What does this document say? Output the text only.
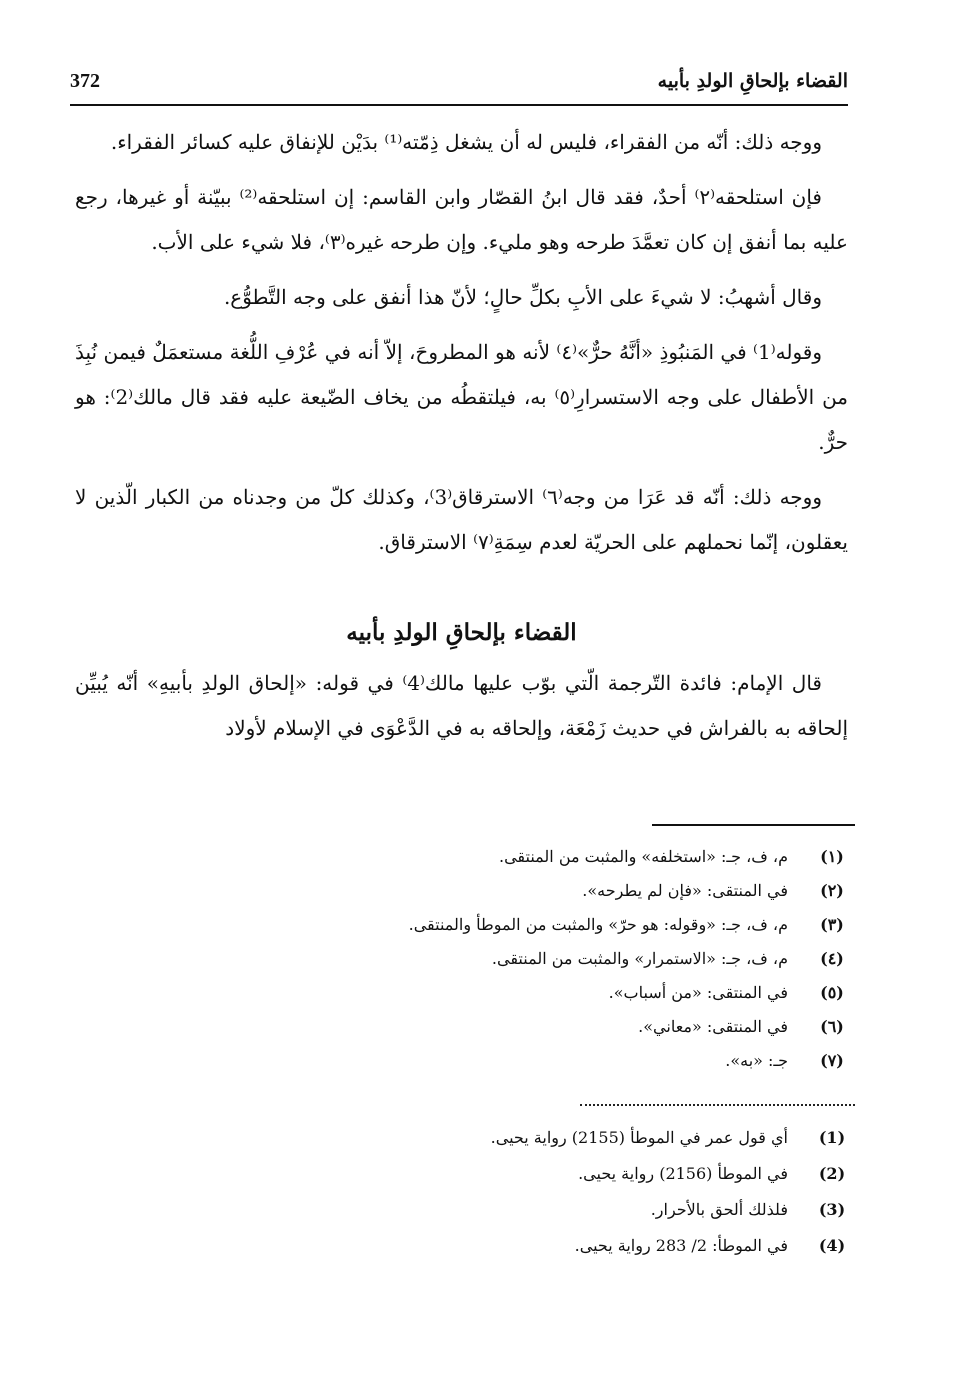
372	القضاء بإلحاقِ الولدِ بأبيه

ووجه ذلك: أنّه من الفقراء، فليس له أن يشغل ذِمّته⁽¹⁾ بدَيْن للإنفاق عليه كسائر الفقراء.

فإن استلحقه⁽٢⁾ أحدٌ، فقد قال ابنُ القصّار وابن القاسم: إن استلحقه⁽²⁾ ببيّنة أو غيرها، رجع عليه بما أنفق إن كان تعمَّدَ طرحه وهو مليء. وإن طرحه غيره⁽٣⁾، فلا شيء على الأب.

وقال أشهبُ: لا شيءَ على الأبِ بكلِّ حالٍ؛ لأنّ هذا أنفق على وجه التَّطوُّع.

وقوله⁽1⁾ في المَنبُوذِ «أنَّهُ حرٌّ»⁽٤⁾ لأنه هو المطروحَ، إلاّ أنه في عُرْفِ اللُّغة مستعمَلٌ فيمن نُبِذَ من الأطفال على وجه الاستسرارِ⁽٥⁾ به، فيلتقطُه من يخاف الضّيعة عليه فقد قال مالك⁽2⁾: هو حرٌّ.

ووجه ذلك: أنّه قد عَرَا من وجه⁽٦⁾ الاسترقاق⁽3⁾، وكذلك كلّ من وجدناه من الكبار الّذين لا يعقلون، إنّما نحملهم على الحريّة لعدم سِمَةِ⁽٧⁾ الاسترقاق.

القضاء بإلحاقِ الولدِ بأبيه

قال الإمام: فائدة التّرجمة الّتي بوّب عليها مالك⁽4⁾ في قوله: «إلحاق الولدِ بأبيهِ» أنّه يُبيِّن إلحاقه به بالفراش في حديث زَمْعَة، وإلحاقه به في الدَّعْوَى في الإسلام لأولاد

(١)
م، ف، جـ: «استخلفه» والمثبت من المنتقى.
(٢)
في المنتقى: «فإن لم يطرحه».
(٣)
م، ف، جـ: «وقوله: هو حرّ» والمثبت من الموطأ والمنتقى.
(٤)
م، ف، جـ: «الاستمرار» والمثبت من المنتقى.
(٥)
في المنتقى: «من أسباب».
(٦)
في المنتقى: «معاني».
(٧)
جـ: «به».
(1)
أي قول عمر في الموطأ (2155) رواية يحيى.
(2)
في الموطأ (2156) رواية يحيى.
(3)
فلذلك ألحق بالأحرار.
(4)
في الموطأ: 2/ 283 رواية يحيى.
